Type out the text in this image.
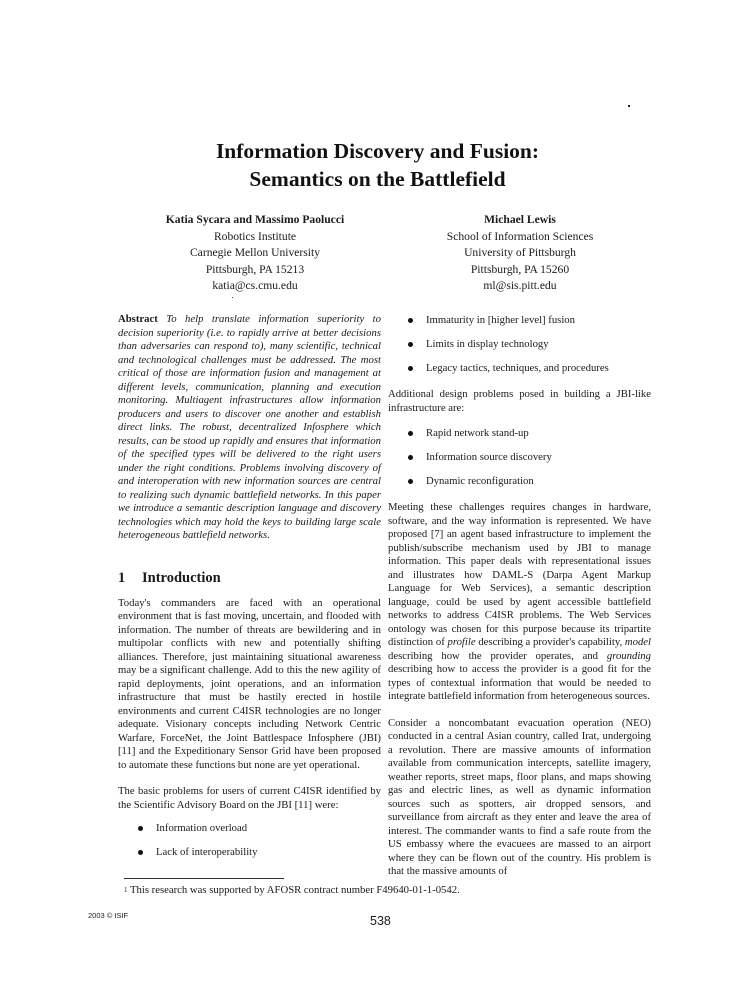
Information Discovery and Fusion:
Semantics on the Battlefield
Katia Sycara and Massimo Paolucci
Robotics Institute
Carnegie Mellon University
Pittsburgh, PA 15213
katia@cs.cmu.edu
Michael Lewis
School of Information Sciences
University of Pittsburgh
Pittsburgh, PA 15260
ml@sis.pitt.edu

Abstract To help translate information superiority to decision superiority (i.e. to rapidly arrive at better decisions than adversaries can respond to), many scientific, technical and technological challenges must be addressed. The most critical of those are information fusion and management at different levels, communication, planning and execution monitoring. Multiagent infrastructures allow information producers and users to discover one another and establish direct links. The robust, decentralized Infosphere which results, can be stood up rapidly and ensures that information of the specified types will be delivered to the right users under the right conditions. Problems involving discovery of and interoperation with new information sources are central to realizing such dynamic battlefield networks. In this paper we introduce a semantic description language and discovery technologies which may hold the keys to building large scale heterogeneous battlefield networks.

1 Introduction

Today's commanders are faced with an operational environment that is fast moving, uncertain, and flooded with information. The number of threats are bewildering and in multipolar conflicts with new and potentially shifting alliances. Therefore, just maintaining situational awareness may be a significant challenge. Add to this the new agility of rapid deployments, joint operations, and an information infrastructure that must be hastily erected in hostile environments and current C4ISR technologies are no longer adequate. Visionary concepts including Network Centric Warfare, ForceNet, the Joint Battlespace Infosphere (JBI) [11] and the Expeditionary Sensor Grid have been proposed to automate these functions but none are yet operational.

The basic problems for users of current C4ISR identified by the Scientific Advisory Board on the JBI [11] were:

Information overload
Lack of interoperability
Immaturity in [higher level] fusion
Limits in display technology
Legacy tactics, techniques, and procedures

Additional design problems posed in building a JBI-like infrastructure are:

Rapid network stand-up
Information source discovery
Dynamic reconfiguration

Meeting these challenges requires changes in hardware, software, and the way information is represented. We have proposed [7] an agent based infrastructure to implement the publish/subscribe mechanism used by JBI to manage information. This paper deals with representational issues and illustrates how DAML-S (Darpa Agent Markup Language for Web Services), a semantic description language, could be used by agent accessible battlefield networks to address C4ISR problems. The Web Services ontology was chosen for this purpose because its tripartite distinction of profile describing a provider's capability, model describing how the provider operates, and grounding describing how to access the provider is a good fit for the types of contextual information that would be needed to integrate battlefield information from heterogeneous sources.

Consider a noncombatant evacuation operation (NEO) conducted in a central Asian country, called Irat, undergoing a revolution. There are massive amounts of information available from communication intercepts, satellite imagery, weather reports, street maps, floor plans, and maps showing gas and electric lines, as well as dynamic information sources such as spotters, air dropped sensors, and surveillance from aircraft as they enter and leave the area of interest. The commander wants to find a safe route from the US embassy where the evacuees are massed to an airport where they can be flown out of the country. His problem is that the massive amounts of

$^1$ This research was supported by AFOSR contract number F49640-01-1-0542.
2003 © ISIF	538
